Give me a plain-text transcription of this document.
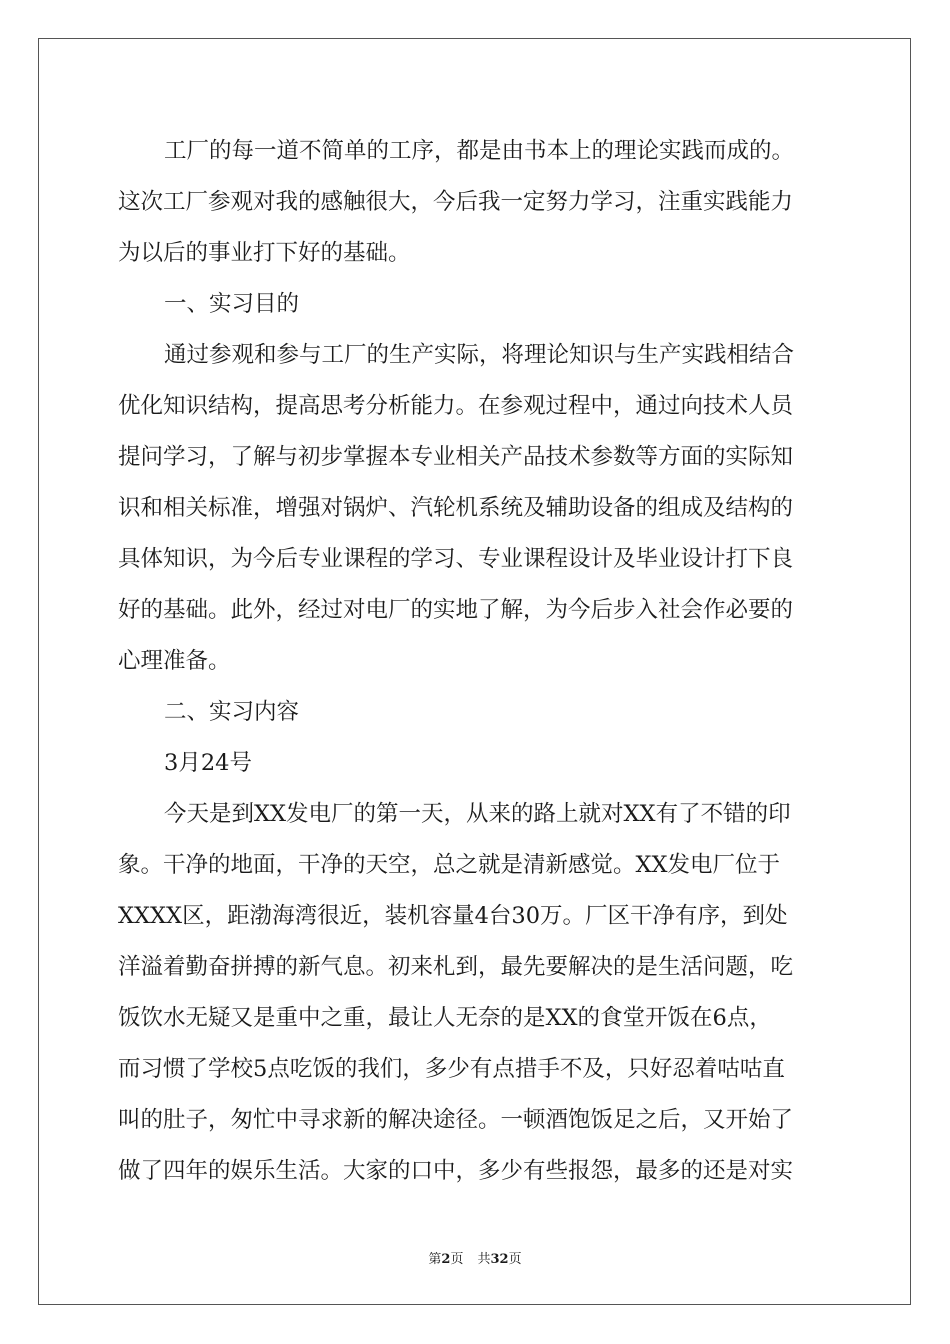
工厂的每一道不简单的工序，都是由书本上的理论实践而成的。
这次工厂参观对我的感触很大，今后我一定努力学习，注重实践能力
为以后的事业打下好的基础。
一、实习目的
通过参观和参与工厂的生产实际，将理论知识与生产实践相结合
优化知识结构，提高思考分析能力。在参观过程中，通过向技术人员
提问学习，了解与初步掌握本专业相关产品技术参数等方面的实际知
识和相关标准，增强对锅炉、汽轮机系统及辅助设备的组成及结构的
具体知识，为今后专业课程的学习、专业课程设计及毕业设计打下良
好的基础。此外，经过对电厂的实地了解，为今后步入社会作必要的
心理准备。
二、实习内容
3月24号
今天是到XX发电厂的第一天，从来的路上就对XX有了不错的印
象。干净的地面，干净的天空，总之就是清新感觉。XX发电厂位于
XXXX区，距渤海湾很近，装机容量4台30万。厂区干净有序，到处
洋溢着勤奋拼搏的新气息。初来札到，最先要解决的是生活问题，吃
饭饮水无疑又是重中之重，最让人无奈的是XX的食堂开饭在6点，
而习惯了学校5点吃饭的我们，多少有点措手不及，只好忍着咕咕直
叫的肚子，匆忙中寻求新的解决途径。一顿酒饱饭足之后，又开始了
做了四年的娱乐生活。大家的口中，多少有些报怨，最多的还是对实
第2页 共32页
